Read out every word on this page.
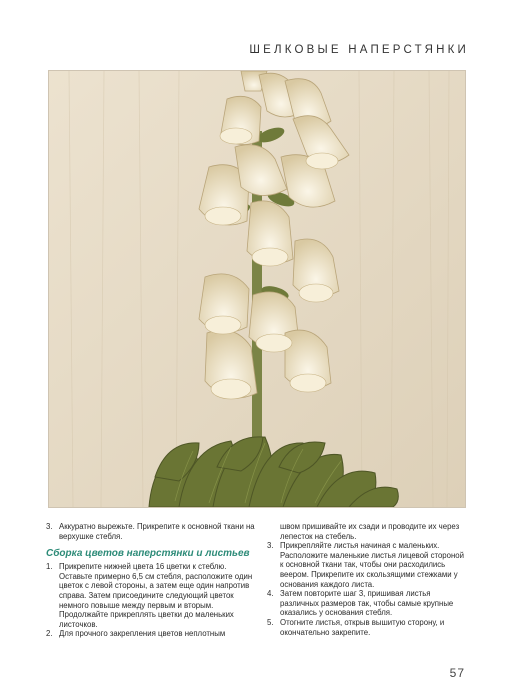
ШЕЛКОВЫЕ НАПЕРСТЯНКИ

3. Аккуратно вырежьте. Прикрепите к основной ткани на верхушке стебля.

Сборка цветов наперстянки и листьев

1. Прикрепите нижней цвета 16 цветки к стеблю. Оставьте примерно 6,5 см стебля, расположите один цветок с левой стороны, а затем еще один напротив справа. Затем присоедините следующий цветок немного повыше между первым и вторым. Продолжайте прикреплять цветки до маленьких листочков.

2. Для прочного закрепления цветов неплотным

швом пришивайте их сзади и проводите их через лепесток на стебель.

3. Прикрепляйте листья начиная с маленьких. Расположите маленькие листья лицевой стороной к основной ткани так, чтобы они расходились веером. Прикрепите их скользящими стежками у основания каждого листа.

4. Затем повторите шаг 3, пришивая листья различных размеров так, чтобы самые крупные оказались у основания стебля.

5. Отогните листья, открыв вышитую сторону, и окончательно закрепите.

57
